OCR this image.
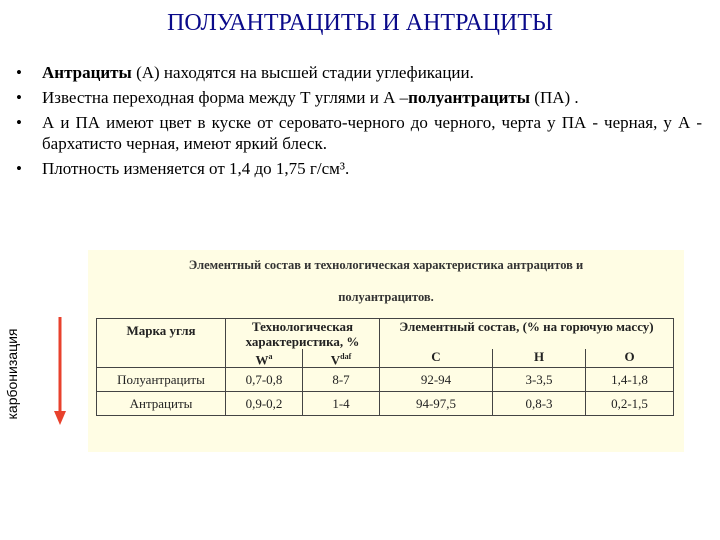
ПОЛУАНТРАЦИТЫ И АНТРАЦИТЫ
•	Антрациты (А) находятся на высшей стадии углефикации.
•	Известна переходная форма между Т углями и А –полуантрациты (ПА) .
•	А и ПА имеют цвет в куске от серовато-черного до черного, черта у ПА - черная, у А - бархатисто черная, имеют яркий блеск.
•	Плотность изменяется от 1,4 до 1,75 г/см³.
карбонизация
Элементный состав и технологическая характеристика антрацитов и
полуантрацитов.
Марка угля	Технологическая характеристика, %		Элементный состав, (% на горючую массу)		
	$W^a$	$V^{daf}$	C	H	O
Полуантрациты	0,7-0,8	8-7	92-94	3-3,5	1,4-1,8
Антрациты	0,9-0,2	1-4	94-97,5	0,8-3	0,2-1,5
